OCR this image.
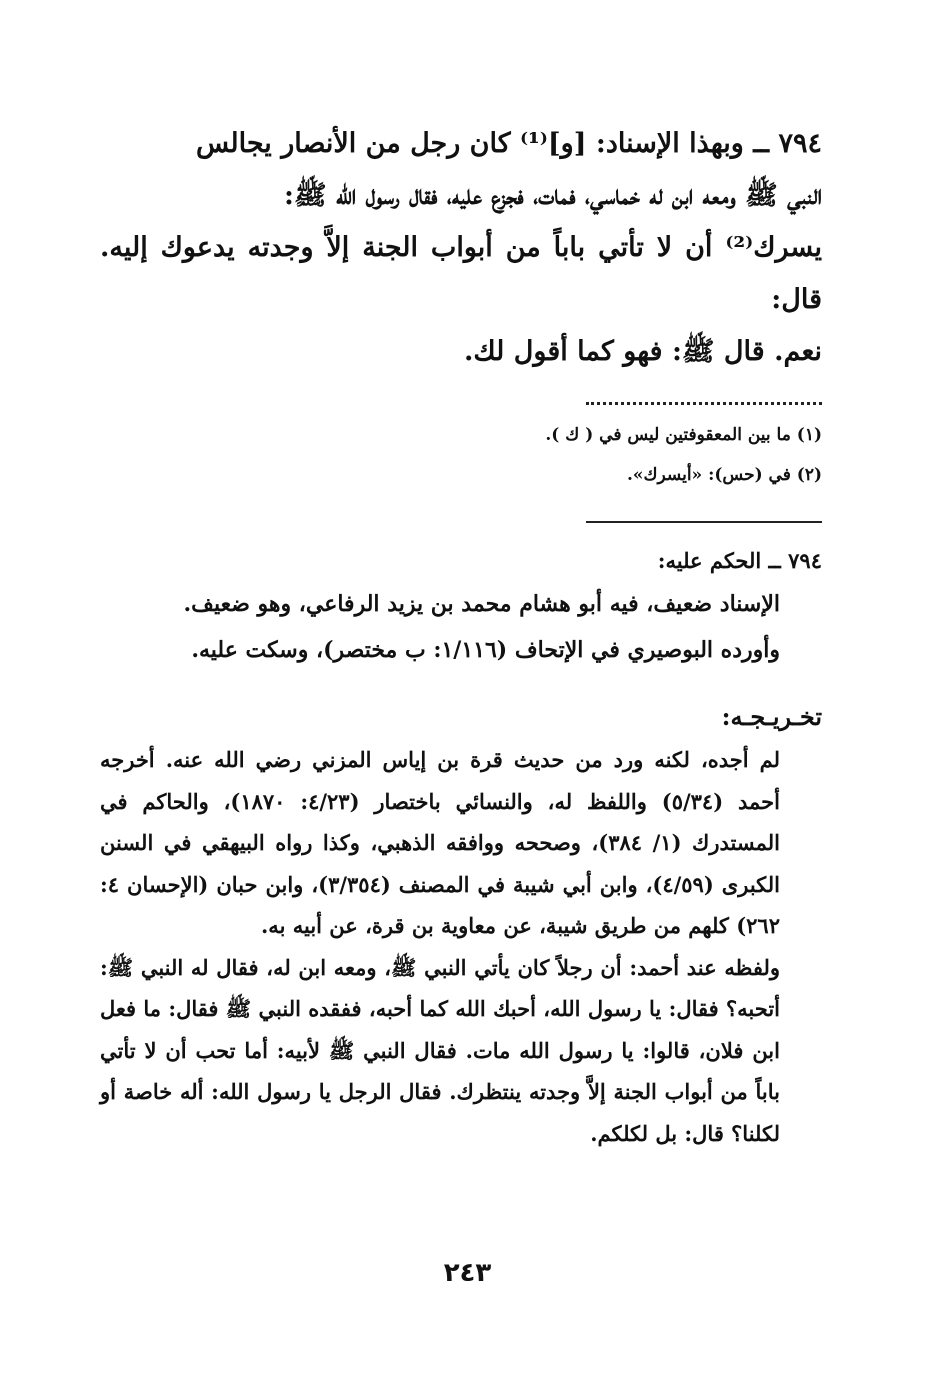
٧٩٤ ــ وبهذا الإسناد: [و]⁽¹⁾ كان رجل من الأنصار يجالس

النبي ﷺ ومعه ابن له خماسي، فمات، فجزع عليه، فقال رسول الله ﷺ:

يسرك⁽²⁾ أن لا تأتي باباً من أبواب الجنة إلاَّ وجدته يدعوك إليه. قال:

نعم. قال ﷺ: فهو كما أقول لك.

(١) ما بين المعقوفتين ليس في ( ك ).
(٢) في (حس): «أيسرك».
٧٩٤ ــ الحكم عليه:

الإسناد ضعيف، فيه أبو هشام محمد بن يزيد الرفاعي، وهو ضعيف.

وأورده البوصيري في الإتحاف (١/١١٦: ب مختصر)، وسكت عليه.

تخـريـجـه:

لم أجده، لكنه ورد من حديث قرة بن إياس المزني رضي الله عنه. أخرجه أحمد (٥/٣٤) واللفظ له، والنسائي باختصار (٤/٢٣: ١٨٧٠)، والحاكم في المستدرك (١/ ٣٨٤)، وصححه ووافقه الذهبي، وكذا رواه البيهقي في السنن الكبرى (٤/٥٩)، وابن أبي شيبة في المصنف (٣/٣٥٤)، وابن حبان (الإحسان ٤: ٢٦٢) كلهم من طريق شيبة، عن معاوية بن قرة، عن أبيه به.

ولفظه عند أحمد: أن رجلاً كان يأتي النبي ﷺ، ومعه ابن له، فقال له النبي ﷺ: أتحبه؟ فقال: يا رسول الله، أحبك الله كما أحبه، ففقده النبي ﷺ فقال: ما فعل ابن فلان، قالوا: يا رسول الله مات. فقال النبي ﷺ لأبيه: أما تحب أن لا تأتي باباً من أبواب الجنة إلاَّ وجدته ينتظرك. فقال الرجل يا رسول الله: أله خاصة أو لكلنا؟ قال: بل لكلكم.

٢٤٣
